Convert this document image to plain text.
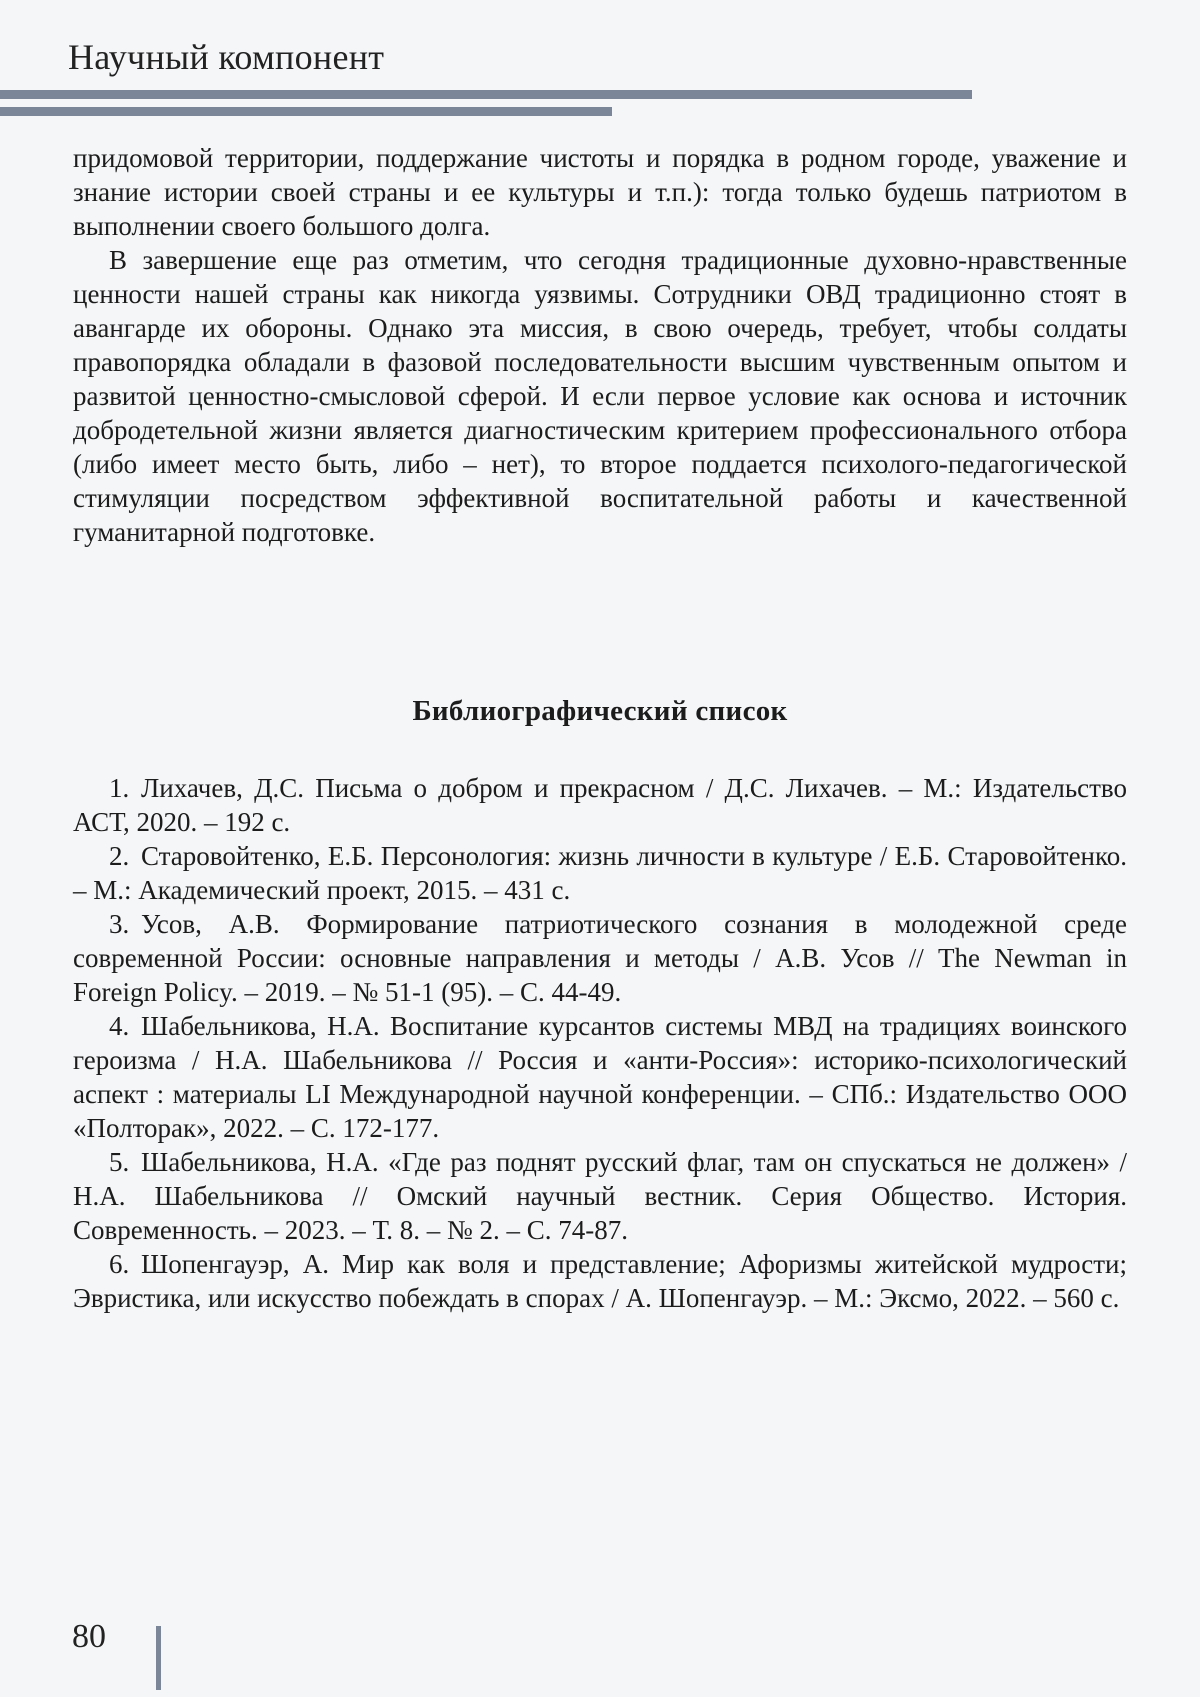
Научный компонент

придомовой территории, поддержание чистоты и порядка в родном городе, уважение и знание истории своей страны и ее культуры и т.п.): тогда только будешь патриотом в выполнении своего большого долга.

В завершение еще раз отметим, что сегодня традиционные духовно-нравственные ценности нашей страны как никогда уязвимы. Сотрудники ОВД традиционно стоят в авангарде их обороны. Однако эта миссия, в свою очередь, требует, чтобы солдаты правопорядка обладали в фазовой последовательности высшим чувственным опытом и развитой ценностно-смысловой сферой. И если первое условие как основа и источник добродетельной жизни является диагностическим критерием профессионального отбора (либо имеет место быть, либо – нет), то второе поддается психолого-педагогической стимуляции посредством эффективной воспитательной работы и качественной гуманитарной подготовке.

Библиографический список

1. Лихачев, Д.С. Письма о добром и прекрасном / Д.С. Лихачев. – М.: Издательство АСТ, 2020. – 192 с.

2. Старовойтенко, Е.Б. Персонология: жизнь личности в культуре / Е.Б. Старовойтенко. – М.: Академический проект, 2015. – 431 с.

3. Усов, А.В. Формирование патриотического сознания в молодежной среде современной России: основные направления и методы / А.В. Усов // The Newman in Foreign Policy. – 2019. – № 51-1 (95). – С. 44-49.

4. Шабельникова, Н.А. Воспитание курсантов системы МВД на традициях воинского героизма / Н.А. Шабельникова // Россия и «анти-Россия»: историко-психологический аспект : материалы LI Международной научной конференции. – СПб.: Издательство ООО «Полторак», 2022. – С. 172-177.

5. Шабельникова, Н.А. «Где раз поднят русский флаг, там он спускаться не должен» / Н.А. Шабельникова // Омский научный вестник. Серия Общество. История. Современность. – 2023. – Т. 8. – № 2. – С. 74-87.

6. Шопенгауэр, А. Мир как воля и представление; Афоризмы житейской мудрости; Эвристика, или искусство побеждать в спорах / А. Шопенгауэр. – М.: Эксмо, 2022. – 560 с.

80
